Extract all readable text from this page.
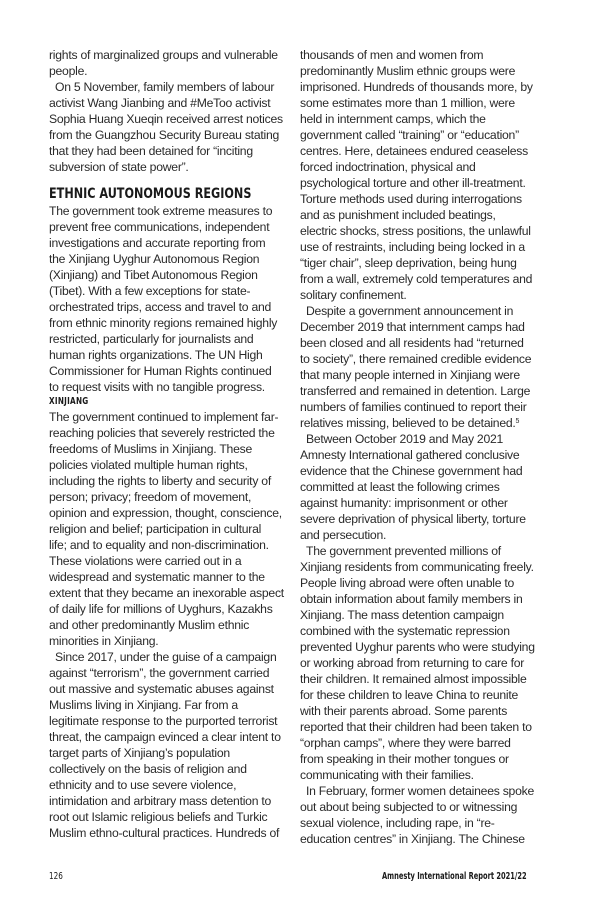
rights of marginalized groups and vulnerable
people.
On 5 November, family members of labour
activist Wang Jianbing and #MeToo activist
Sophia Huang Xueqin received arrest notices
from the Guangzhou Security Bureau stating
that they had been detained for “inciting
subversion of state power”.
ETHNIC AUTONOMOUS REGIONS
The government took extreme measures to
prevent free communications, independent
investigations and accurate reporting from
the Xinjiang Uyghur Autonomous Region
(Xinjiang) and Tibet Autonomous Region
(Tibet). With a few exceptions for state-
orchestrated trips, access and travel to and
from ethnic minority regions remained highly
restricted, particularly for journalists and
human rights organizations. The UN High
Commissioner for Human Rights continued
to request visits with no tangible progress.
XINJIANG
The government continued to implement far-
reaching policies that severely restricted the
freedoms of Muslims in Xinjiang. These
policies violated multiple human rights,
including the rights to liberty and security of
person; privacy; freedom of movement,
opinion and expression, thought, conscience,
religion and belief; participation in cultural
life; and to equality and non-discrimination.
These violations were carried out in a
widespread and systematic manner to the
extent that they became an inexorable aspect
of daily life for millions of Uyghurs, Kazakhs
and other predominantly Muslim ethnic
minorities in Xinjiang.
Since 2017, under the guise of a campaign
against “terrorism”, the government carried
out massive and systematic abuses against
Muslims living in Xinjiang. Far from a
legitimate response to the purported terrorist
threat, the campaign evinced a clear intent to
target parts of Xinjiang’s population
collectively on the basis of religion and
ethnicity and to use severe violence,
intimidation and arbitrary mass detention to
root out Islamic religious beliefs and Turkic
Muslim ethno-cultural practices. Hundreds of
thousands of men and women from
predominantly Muslim ethnic groups were
imprisoned. Hundreds of thousands more, by
some estimates more than 1 million, were
held in internment camps, which the
government called “training” or “education”
centres. Here, detainees endured ceaseless
forced indoctrination, physical and
psychological torture and other ill-treatment.
Torture methods used during interrogations
and as punishment included beatings,
electric shocks, stress positions, the unlawful
use of restraints, including being locked in a
“tiger chair”, sleep deprivation, being hung
from a wall, extremely cold temperatures and
solitary confinement.
Despite a government announcement in
December 2019 that internment camps had
been closed and all residents had “returned
to society”, there remained credible evidence
that many people interned in Xinjiang were
transferred and remained in detention. Large
numbers of families continued to report their
relatives missing, believed to be detained.$^5$
Between October 2019 and May 2021
Amnesty International gathered conclusive
evidence that the Chinese government had
committed at least the following crimes
against humanity: imprisonment or other
severe deprivation of physical liberty, torture
and persecution.
The government prevented millions of
Xinjiang residents from communicating freely.
People living abroad were often unable to
obtain information about family members in
Xinjiang. The mass detention campaign
combined with the systematic repression
prevented Uyghur parents who were studying
or working abroad from returning to care for
their children. It remained almost impossible
for these children to leave China to reunite
with their parents abroad. Some parents
reported that their children had been taken to
“orphan camps”, where they were barred
from speaking in their mother tongues or
communicating with their families.
In February, former women detainees spoke
out about being subjected to or witnessing
sexual violence, including rape, in “re-
education centres” in Xinjiang. The Chinese
126	Amnesty International Report 2021/22
